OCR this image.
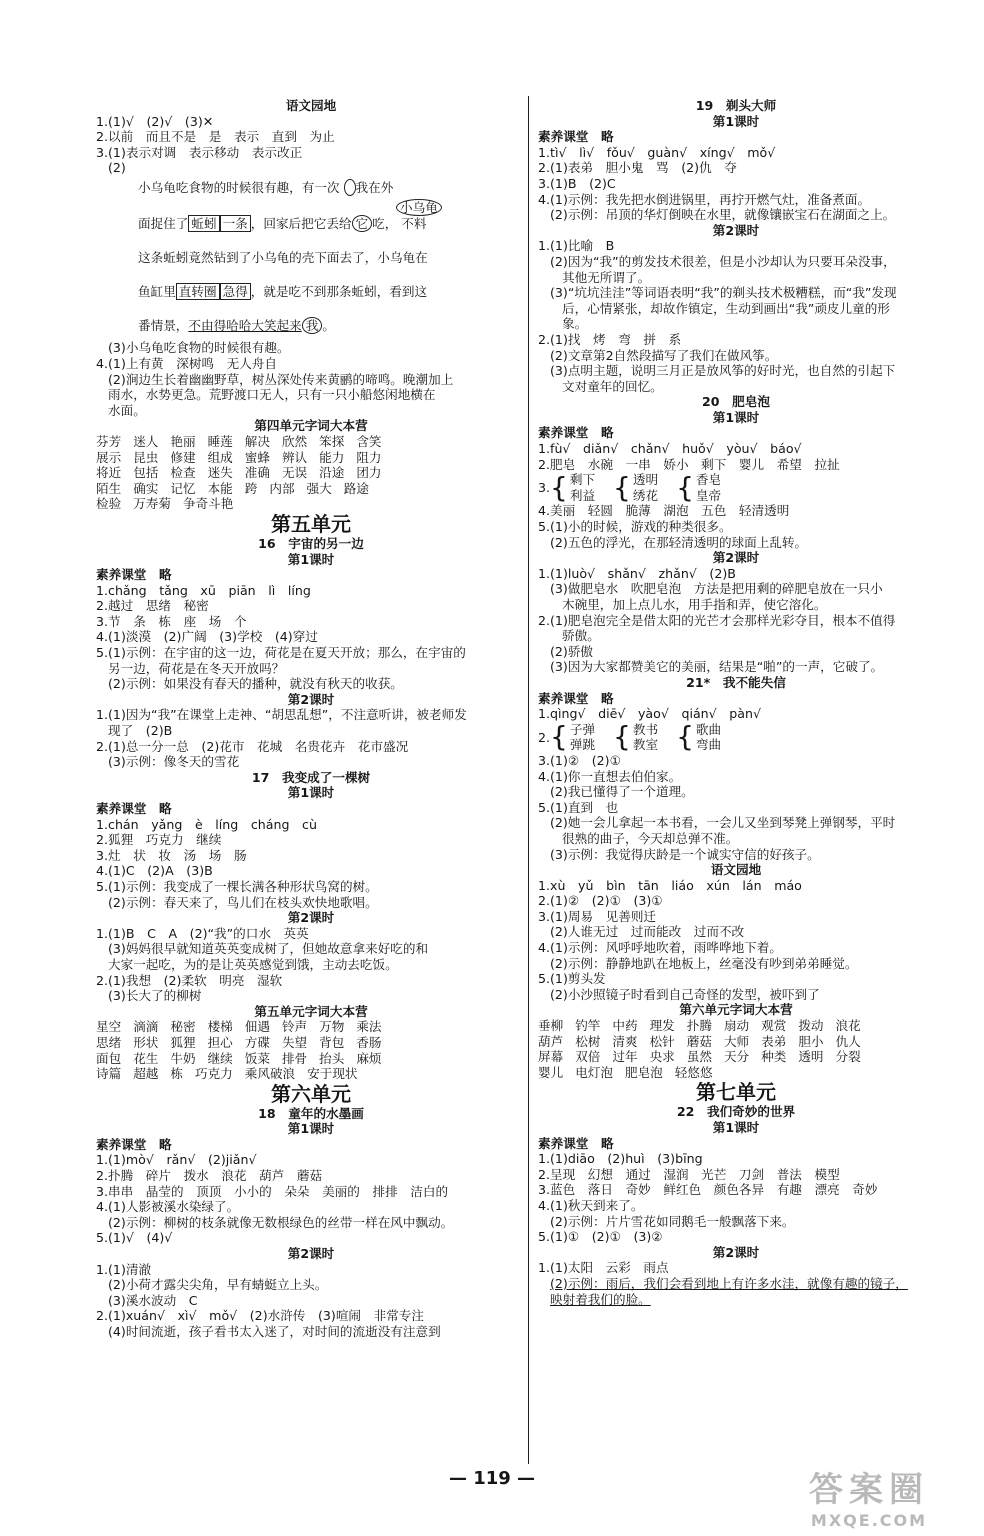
语文园地
1.(1)√　(2)√　(3)✕
2.以前　而且不是　是　表示　直到　为止
3.(1)表示对调　表示移动　表示改正
(2)
小乌龟吃食物的时候很有趣，有一次 我在外
面捉住了 蚯蚓 一条 ，回家后把它丢给 它 吃， 不料
小乌龟
这条蚯蚓竟然钻到了小乌龟的壳下面去了，小乌龟在
鱼缸里 直转圈 急得 ，就是吃不到那条蚯蚓，看到这
番情景，不由得哈哈大笑起来 我 。
(3)小乌龟吃食物的时候很有趣。
4.(1)上有黄　深树鸣　无人舟自
(2)涧边生长着幽幽野草，树丛深处传来黄鹂的啼鸣。晚潮加上
雨水，水势更急。荒野渡口无人，只有一只小船悠闲地横在
水面。
第四单元字词大本营
芬芳 迷人 艳丽 睡莲 解决 欣然 笨探 含笑
展示 昆虫 修建 组成 蜜蜂 辨认 能力 阻力
将近 包括 检查 迷失 准确 无误 沿途 团力
陌生 确实 记忆 本能 跨 内部 强大 路途
检验 万寿菊 争奇斗艳
第五单元
16　宇宙的另一边
第1课时
素养课堂　略
1.chǎng　tǎng　xū　piān　lì　líng
2.越过　思绪　秘密
3.节　条　栋　座　场　个
4.(1)淡漠　(2)广阔　(3)学校　(4)穿过
5.(1)示例：在宇宙的这一边，荷花是在夏天开放；那么，在宇宙的
另一边，荷花是在冬天开放吗？
(2)示例：如果没有春天的播种，就没有秋天的收获。
第2课时
1.(1)因为“我”在课堂上走神、“胡思乱想”，不注意听讲，被老师发
现了　(2)B
2.(1)总一分一总　(2)花市　花城　名贵花卉　花市盛况
(3)示例：像冬天的雪花
17　我变成了一棵树
第1课时
素养课堂　略
1.chán　yǎng　è　líng　cháng　cù
2.狐狸　巧克力　继续
3.灶　状　妆　汤　场　肠
4.(1)C　(2)A　(3)B
5.(1)示例：我变成了一棵长满各种形状鸟窝的树。
(2)示例：春天来了，鸟儿们在枝头欢快地歌唱。
第2课时
1.(1)B　C　A　(2)“我”的口水　英英
(3)妈妈很早就知道英英变成树了，但她故意拿来好吃的和
大家一起吃，为的是让英英感觉到饿，主动去吃饭。
2.(1)我想　(2)柔软　明亮　湿软
(3)长大了的柳树
第五单元字词大本营
星空 滴滴 秘密 楼梯 佃遇 铃声 万物 乘法
思绪 形状 狐狸 担心 方碟 失望 背包 香肠
面包 花生 牛奶 继续 饭菜 排骨 抬头 麻烦
诗篇 超越 栋 巧克力 乘风破浪 安于现状
第六单元
18　童年的水墨画
第1课时
素养课堂　略
1.(1)mò√　rǎn√　(2)jiǎn√
2.扑腾　碎片　拨水　浪花　葫芦　蘑菇
3.串串　晶莹的　顶顶　小小的　朵朵　美丽的　排排　洁白的
4.(1)人影被溪水染绿了。
(2)示例：柳树的枝条就像无数根绿色的丝带一样在风中飘动。
5.(1)√　(4)√
第2课时
1.(1)清澈
(2)小荷才露尖尖角，早有蜻蜓立上头。
(3)溪水波动　C
2.(1)xuán√　xì√　mǒ√　(2)水浒传　(3)喧闹　非常专注
(4)时间流逝，孩子看书太入迷了，对时间的流逝没有注意到
19　剃头大师
第1课时
素养课堂　略
1.tì√　lì√　fǒu√　guàn√　xíng√　mǒ√
2.(1)表弟　胆小鬼　骂　(2)仇　夺
3.(1)B　(2)C
4.(1)示例：我先把水倒进锅里，再拧开燃气灶，准备煮面。
(2)示例：吊顶的华灯倒映在水里，就像镶嵌宝石在湖面之上。
第2课时
1.(1)比喻　B
(2)因为“我”的剪发技术很差，但是小沙却认为只要耳朵没事，
其他无所谓了。
(3)“坑坑洼洼”等词语表明“我”的剃头技术极糟糕，而“我”发现
后，心情紧张，却故作镇定，生动到画出“我”顽皮儿童的形
象。
2.(1)找　烤　弯　拼　系
(2)文章第2自然段描写了我们在做风筝。
(3)点明主题，说明三月正是放风筝的好时光，也自然的引起下
文对童年的回忆。
20　肥皂泡
第1课时
素养课堂　略
1.fù√　diǎn√　chǎn√　huǒ√　yòu√　báo√
2.肥皂　水碗　一串　娇小　剩下　婴儿　希望　拉扯
3. { 剩下
利益 { 透明
绣花 { 香皂
皇帝
4.美丽　轻圆　脆薄　湖泡　五色　轻清透明
5.(1)小的时候，游戏的种类很多。
(2)五色的浮光，在那轻清透明的球面上乱转。
第2课时
1.(1)luò√　shǎn√　zhǎn√　(2)B
(3)做肥皂水　吹肥皂泡　方法是把用剩的碎肥皂放在一只小
木碗里，加上点儿水，用手指和弄，使它溶化。
2.(1)肥皂泡完全是借太阳的光芒才会那样光彩夺目，根本不值得
骄傲。
(2)骄傲
(3)因为大家都赞美它的美丽，结果是“啪”的一声，它破了。
21*　我不能失信
素养课堂　略
1.qìng√　diē√　yào√　qián√　pàn√
2. { 子弹
弹跳 { 教书
教室 { 歌曲
弯曲
3.(1)②　(2)①
4.(1)你一直想去伯伯家。
(2)我已懂得了一个道理。
5.(1)直到　也
(2)她一会儿拿起一本书看，一会儿又坐到琴凳上弹钢琴，平时
很熟的曲子，今天却总弹不准。
(3)示例：我觉得庆龄是一个诚实守信的好孩子。
语文园地
1.xù　yǔ　bìn　tān　liáo　xún　lán　máo
2.(1)②　(2)①　(3)①
3.(1)周易　见善则迁
(2)人谁无过　过而能改　过而不改
4.(1)示例：风呼呼地吹着，雨哗哗地下着。
(2)示例：静静地趴在地板上，丝毫没有吵到弟弟睡觉。
5.(1)剪头发
(2)小沙照镜子时看到自己奇怪的发型，被吓到了
第六单元字词大本营
垂柳 钓竿 中药 理发 扑腾 扇动 观赏 拨动 浪花
葫芦 松树 清爽 松针 蘑菇 大师 表弟 胆小 仇人
屏幕 双倍 过年 央求 虽然 天分 种类 透明 分裂
婴儿 电灯泡 肥皂泡 轻悠悠
第七单元
22　我们奇妙的世界
第1课时
素养课堂　略
1.(1)diāo　(2)huì　(3)bīng
2.呈现　幻想　通过　湿润　光芒　刀剑　普法　模型
3.蓝色　落日　奇妙　鲜红色　颜色各异　有趣　漂亮　奇妙
4.(1)秋天到来了。
(2)示例：片片雪花如同鹅毛一般飘落下来。
5.(1)①　(2)①　(3)②
第2课时
1.(1)太阳　云彩　雨点
(2)示例：雨后，我们会看到地上有许多水洼，就像有趣的镜子，
映射着我们的脸。
— 119 —	答案圈
MXQE.COM
